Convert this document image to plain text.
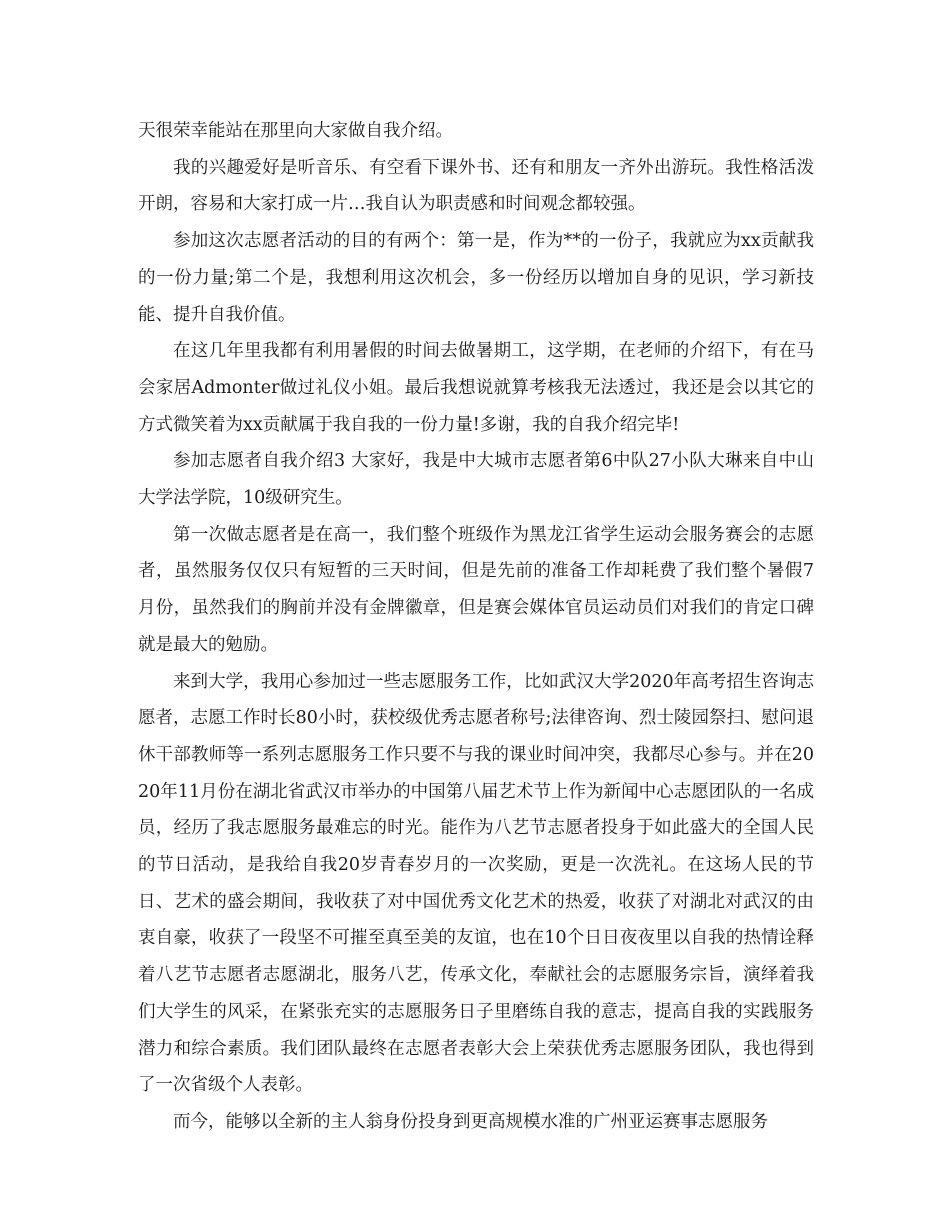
天很荣幸能站在那里向大家做自我介绍。

我的兴趣爱好是听音乐、有空看下课外书、还有和朋友一齐外出游玩。我性格活泼开朗，容易和大家打成一片…我自认为职责感和时间观念都较强。

参加这次志愿者活动的目的有两个：第一是，作为**的一份子，我就应为xx贡献我的一份力量;第二个是，我想利用这次机会，多一份经历以增加自身的见识，学习新技能、提升自我价值。

在这几年里我都有利用暑假的时间去做暑期工，这学期，在老师的介绍下，有在马会家居Admonter做过礼仪小姐。最后我想说就算考核我无法透过，我还是会以其它的方式微笑着为xx贡献属于我自我的一份力量!多谢，我的自我介绍完毕!

参加志愿者自我介绍3 大家好，我是中大城市志愿者第6中队27小队大琳来自中山大学法学院，10级研究生。

第一次做志愿者是在高一，我们整个班级作为黑龙江省学生运动会服务赛会的志愿者，虽然服务仅仅只有短暂的三天时间，但是先前的准备工作却耗费了我们整个暑假7月份，虽然我们的胸前并没有金牌徽章，但是赛会媒体官员运动员们对我们的肯定口碑就是最大的勉励。

来到大学，我用心参加过一些志愿服务工作，比如武汉大学2020年高考招生咨询志愿者，志愿工作时长80小时，获校级优秀志愿者称号;法律咨询、烈士陵园祭扫、慰问退休干部教师等一系列志愿服务工作只要不与我的课业时间冲突，我都尽心参与。并在2020年11月份在湖北省武汉市举办的中国第八届艺术节上作为新闻中心志愿团队的一名成员，经历了我志愿服务最难忘的时光。能作为八艺节志愿者投身于如此盛大的全国人民的节日活动，是我给自我20岁青春岁月的一次奖励，更是一次洗礼。在这场人民的节日、艺术的盛会期间，我收获了对中国优秀文化艺术的热爱，收获了对湖北对武汉的由衷自豪，收获了一段坚不可摧至真至美的友谊，也在10个日日夜夜里以自我的热情诠释着八艺节志愿者志愿湖北，服务八艺，传承文化，奉献社会的志愿服务宗旨，演绎着我们大学生的风采，在紧张充实的志愿服务日子里磨练自我的意志，提高自我的实践服务潜力和综合素质。我们团队最终在志愿者表彰大会上荣获优秀志愿服务团队，我也得到了一次省级个人表彰。

而今，能够以全新的主人翁身份投身到更高规模水准的广州亚运赛事志愿服务
